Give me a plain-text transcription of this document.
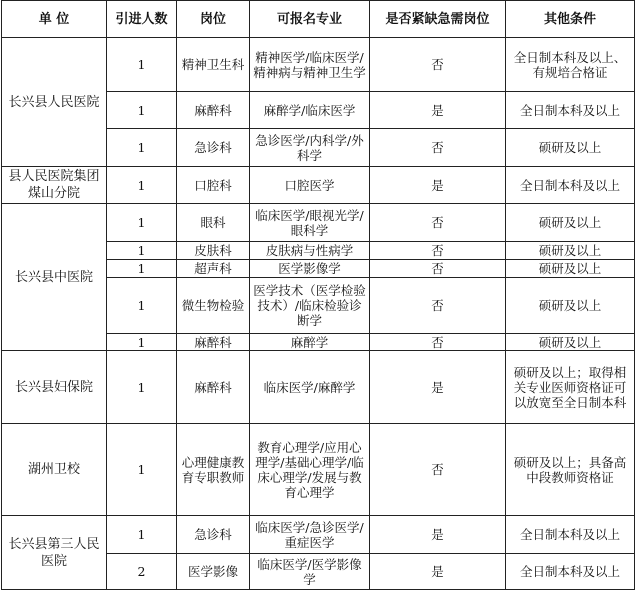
单 位	引进人数	岗位	可报名专业	是否紧缺急需岗位	其他条件
长兴县人民医院	1	精神卫生科	精神医学/临床医学/精神病与精神卫生学	否	全日制本科及以上、有规培合格证
	1	麻醉科	麻醉学/临床医学	是	全日制本科及以上
	1	急诊科	急诊医学/内科学/外科学	否	硕研及以上
县人民医院集团煤山分院	1	口腔科	口腔医学	是	全日制本科及以上
长兴县中医院	1	眼科	临床医学/眼视光学/眼科学	否	硕研及以上
	1	皮肤科	皮肤病与性病学	否	硕研及以上
	1	超声科	医学影像学	否	硕研及以上
	1	微生物检验	医学技术（医学检验技术）/临床检验诊断学	否	硕研及以上
	1	麻醉科	麻醉学	否	硕研及以上
长兴县妇保院	1	麻醉科	临床医学/麻醉学	是	硕研及以上；取得相关专业医师资格证可以放宽至全日制本科
湖州卫校	1	心理健康教育专职教师	教育心理学/应用心理学/基础心理学/临床心理学/发展与教育心理学	否	硕研及以上；具备高中段教师资格证
长兴县第三人民医院	1	急诊科	临床医学/急诊医学/重症医学	是	全日制本科及以上
	2	医学影像	临床医学/医学影像学	是	全日制本科及以上
